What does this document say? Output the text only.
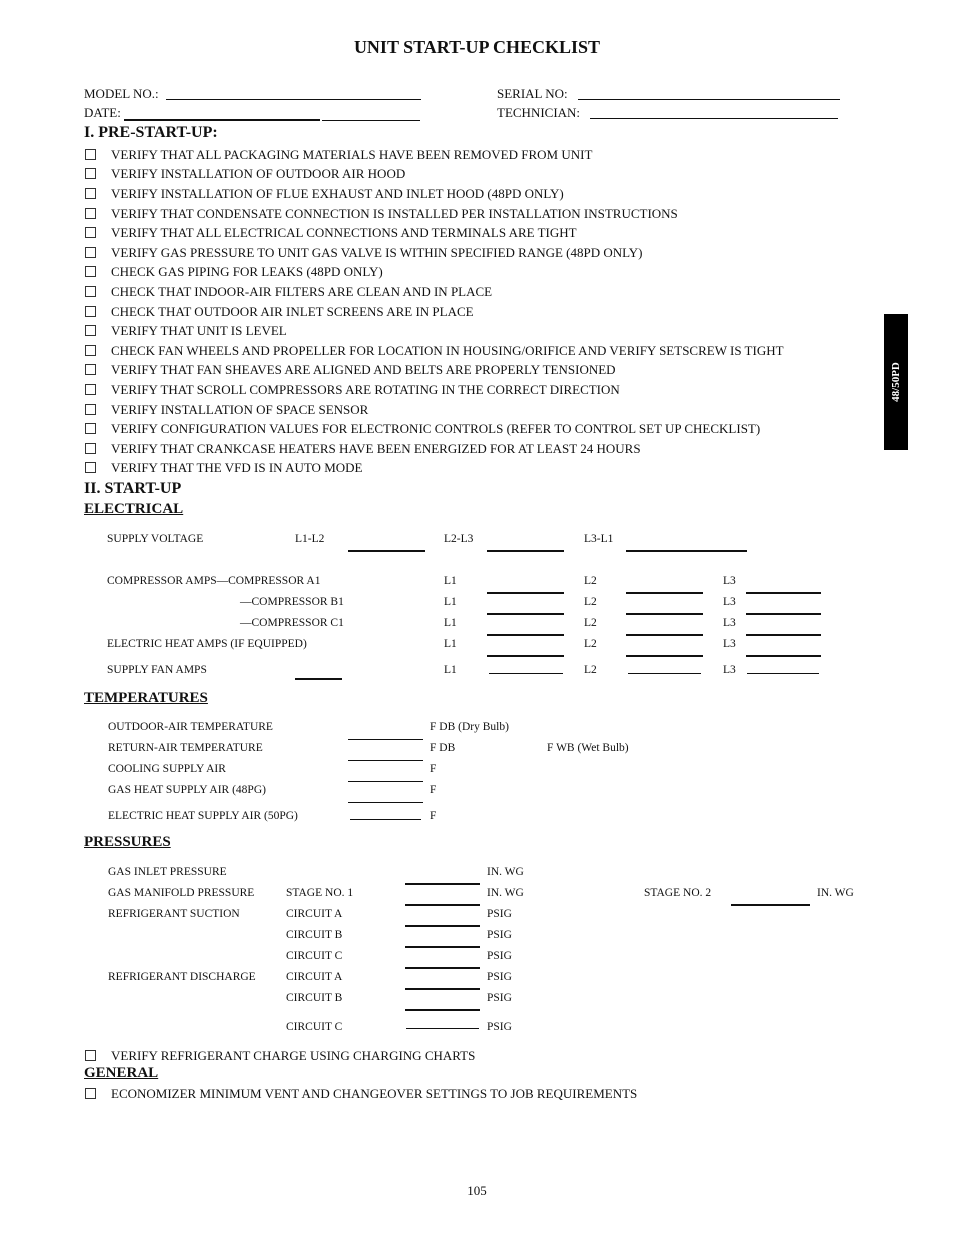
UNIT START-UP CHECKLIST
MODEL NO.:	SERIAL NO:
DATE:	TECHNICIAN:
I. PRE-START-UP:
VERIFY THAT ALL PACKAGING MATERIALS HAVE BEEN REMOVED FROM UNIT
VERIFY INSTALLATION OF OUTDOOR AIR HOOD
VERIFY INSTALLATION OF FLUE EXHAUST AND INLET HOOD (48PD ONLY)
VERIFY THAT CONDENSATE CONNECTION IS INSTALLED PER INSTALLATION INSTRUCTIONS
VERIFY THAT ALL ELECTRICAL CONNECTIONS AND TERMINALS ARE TIGHT
VERIFY GAS PRESSURE TO UNIT GAS VALVE IS WITHIN SPECIFIED RANGE (48PD ONLY)
CHECK GAS PIPING FOR LEAKS (48PD ONLY)
CHECK THAT INDOOR-AIR FILTERS ARE CLEAN AND IN PLACE
CHECK THAT OUTDOOR AIR INLET SCREENS ARE IN PLACE
VERIFY THAT UNIT IS LEVEL
CHECK FAN WHEELS AND PROPELLER FOR LOCATION IN HOUSING/ORIFICE AND VERIFY SETSCREW IS TIGHT
VERIFY THAT FAN SHEAVES ARE ALIGNED AND BELTS ARE PROPERLY TENSIONED
VERIFY THAT SCROLL COMPRESSORS ARE ROTATING IN THE CORRECT DIRECTION
VERIFY INSTALLATION OF SPACE SENSOR
VERIFY CONFIGURATION VALUES FOR ELECTRONIC CONTROLS (REFER TO CONTROL SET UP CHECKLIST)
VERIFY THAT CRANKCASE HEATERS HAVE BEEN ENERGIZED FOR AT LEAST 24 HOURS
VERIFY THAT THE VFD IS IN AUTO MODE
48/50PD
II. START-UP
ELECTRICAL
SUPPLY VOLTAGE	L1-L2	L2-L3	L3-L1
COMPRESSOR AMPS—COMPRESSOR A1	L1	L2	L3
—COMPRESSOR B1	L1	L2	L3
—COMPRESSOR C1	L1	L2	L3
ELECTRIC HEAT AMPS (IF EQUIPPED)	L1	L2	L3
SUPPLY FAN AMPS	L1	L2	L3
TEMPERATURES
OUTDOOR-AIR TEMPERATURE	F DB (Dry Bulb)
RETURN-AIR TEMPERATURE	F DB	F WB (Wet Bulb)
COOLING SUPPLY AIR	F
GAS HEAT SUPPLY AIR (48PG)	F
ELECTRIC HEAT SUPPLY AIR (50PG)	F
PRESSURES
GAS INLET PRESSURE	IN. WG
GAS MANIFOLD PRESSURE	STAGE NO. 1	IN. WG	STAGE NO. 2	IN. WG
REFRIGERANT SUCTION	CIRCUIT A	PSIG
CIRCUIT B	PSIG
CIRCUIT C	PSIG
REFRIGERANT DISCHARGE	CIRCUIT A	PSIG
CIRCUIT B	PSIG
CIRCUIT C	PSIG
VERIFY REFRIGERANT CHARGE USING CHARGING CHARTS
GENERAL
ECONOMIZER MINIMUM VENT AND CHANGEOVER SETTINGS TO JOB REQUIREMENTS
105
